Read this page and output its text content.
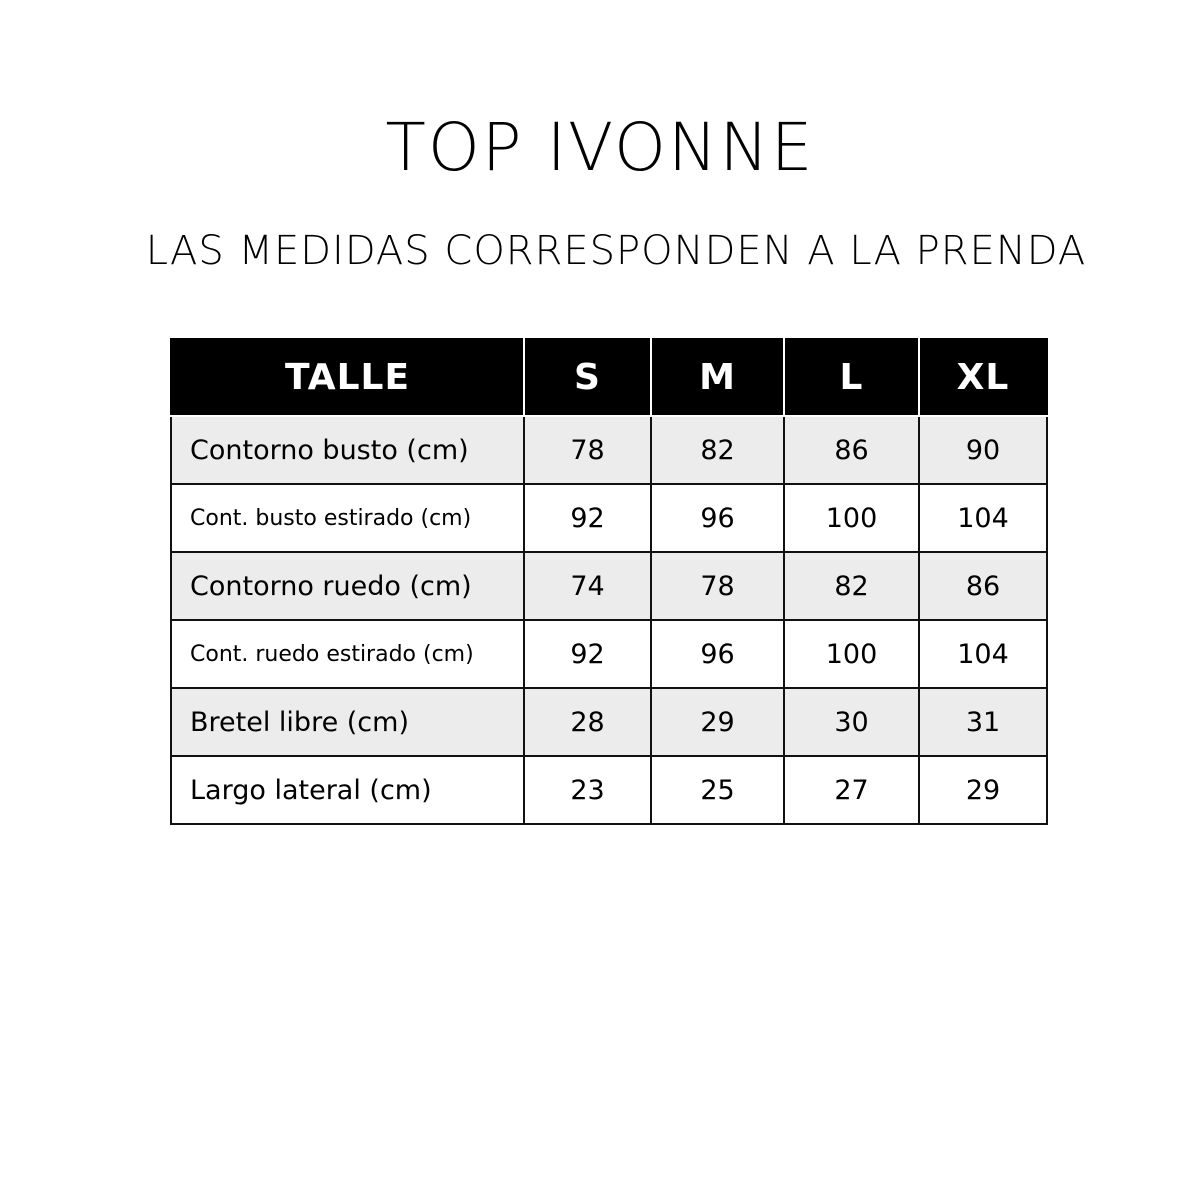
TOP IVONNE
LAS MEDIDAS CORRESPONDEN A LA PRENDA
TALLE	S	M	L	XL
Contorno busto (cm)	78	82	86	90
Cont. busto estirado (cm)	92	96	100	104
Contorno ruedo (cm)	74	78	82	86
Cont. ruedo estirado (cm)	92	96	100	104
Bretel libre (cm)	28	29	30	31
Largo lateral (cm)	23	25	27	29
